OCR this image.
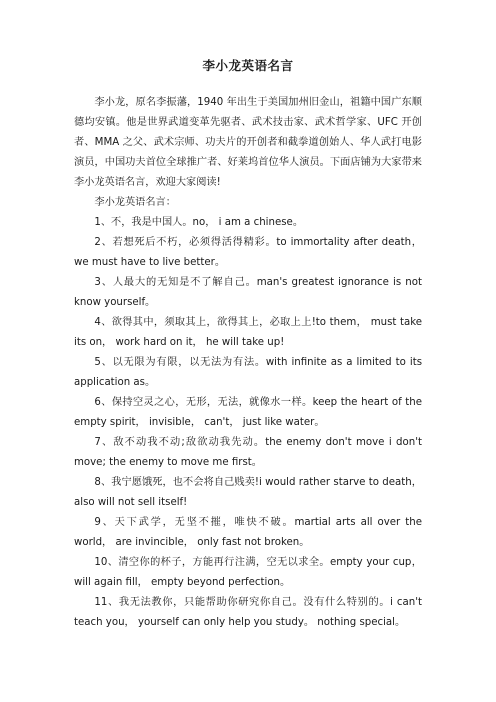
李小龙英语名言

李小龙，原名李振藩，1940 年出生于美国加州旧金山，祖籍中国广东顺德均安镇。他是世界武道变革先驱者、武术技击家、武术哲学家、UFC 开创者、MMA 之父、武术宗师、功夫片的开创者和截拳道创始人、华人武打电影演员，中国功夫首位全球推广者、好莱坞首位华人演员。下面店铺为大家带来李小龙英语名言，欢迎大家阅读!

李小龙英语名言：

1、不，我是中国人。no， i am a chinese。

2、若想死后不朽，必须得活得精彩。to immortality after death， we must have to live better。

3、人最大的无知是不了解自己。man's greatest ignorance is not know yourself。

4、欲得其中，须取其上，欲得其上，必取上上!to them， must take its on， work hard on it， he will take up!

5、以无限为有限，以无法为有法。with infinite as a limited to its application as。

6、保持空灵之心，无形，无法，就像水一样。keep the heart of the empty spirit， invisible， can't， just like water。

7、敌不动我不动;敌欲动我先动。the enemy don't move i don't move; the enemy to move me first。

8、我宁愿饿死，也不会将自己贱卖!i would rather starve to death， also will not sell itself!

9、天下武学，无坚不摧，唯快不破。martial arts all over the world， are invincible， only fast not broken。

10、清空你的杯子，方能再行注满，空无以求全。empty your cup， will again fill， empty beyond perfection。

11、我无法教你，只能帮助你研究你自己。没有什么特别的。i can't teach you， yourself can only help you study。 nothing special。
